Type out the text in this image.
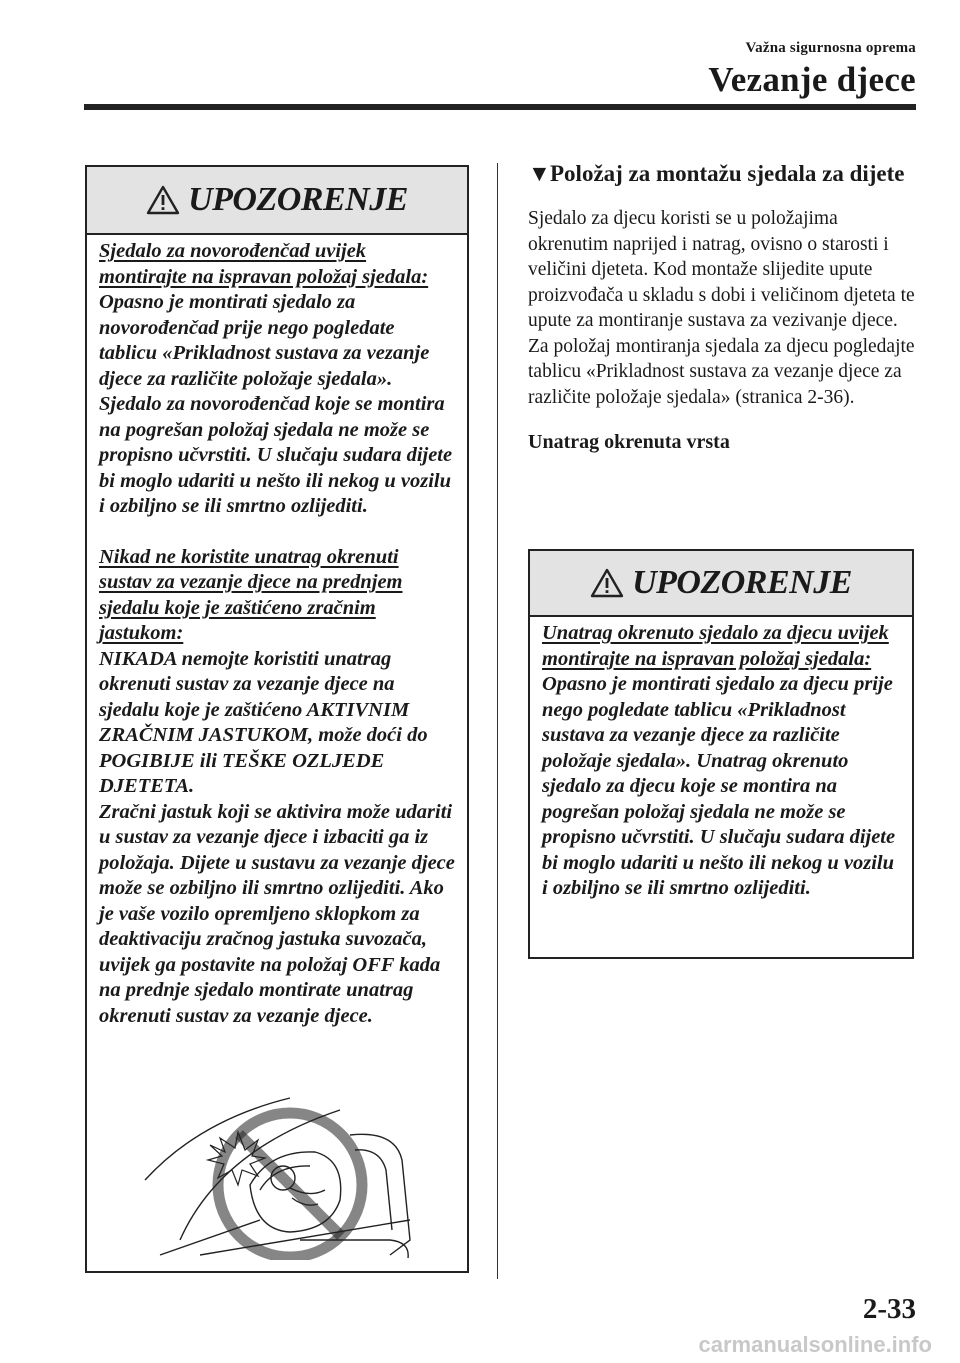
Važna sigurnosna oprema
Vezanje djece
UPOZORENJE

Sjedalo za novorođenčad uvijek montirajte na ispravan položaj sjedala:

Opasno je montirati sjedalo za novorođenčad prije nego pogledate tablicu «Prikladnost sustava za vezanje djece za različite položaje sjedala». Sjedalo za novorođenčad koje se montira na pogrešan položaj sjedala ne može se propisno učvrstiti. U slučaju sudara dijete bi moglo udariti u nešto ili nekog u vozilu i ozbiljno se ili smrtno ozlijediti.

Nikad ne koristite unatrag okrenuti sustav za vezanje djece na prednjem sjedalu koje je zaštićeno zračnim jastukom:

NIKADA nemojte koristiti unatrag okrenuti sustav za vezanje djece na sjedalu koje je zaštićeno AKTIVNIM ZRAČNIM JASTUKOM, može doći do POGIBIJE ili TEŠKE OZLJEDE DJETETA.

Zračni jastuk koji se aktivira može udariti u sustav za vezanje djece i izbaciti ga iz položaja. Dijete u sustavu za vezanje djece može se ozbiljno ili smrtno ozlijediti. Ako je vaše vozilo opremljeno sklopkom za deaktivaciju zračnog jastuka suvozača, uvijek ga postavite na položaj OFF kada na prednje sjedalo montirate unatrag okrenuti sustav za vezanje djece.

▼ Položaj za montažu sjedala za dijete

Sjedalo za djecu koristi se u položajima okrenutim naprijed i natrag, ovisno o starosti i veličini djeteta. Kod montaže slijedite upute proizvođača u skladu s dobi i veličinom djeteta te upute za montiranje sustava za vezivanje djece.

Za položaj montiranja sjedala za djecu pogledajte tablicu «Prikladnost sustava za vezanje djece za različite položaje sjedala» (stranica 2-36).

Unatrag okrenuta vrsta

UPOZORENJE

Unatrag okrenuto sjedalo za djecu uvijek montirajte na ispravan položaj sjedala:

Opasno je montirati sjedalo za djecu prije nego pogledate tablicu «Prikladnost sustava za vezanje djece za različite položaje sjedala». Unatrag okrenuto sjedalo za djecu koje se montira na pogrešan položaj sjedala ne može se propisno učvrstiti. U slučaju sudara dijete bi moglo udariti u nešto ili nekog u vozilu i ozbiljno se ili smrtno ozlijediti.

2-33
carmanualsonline.info
